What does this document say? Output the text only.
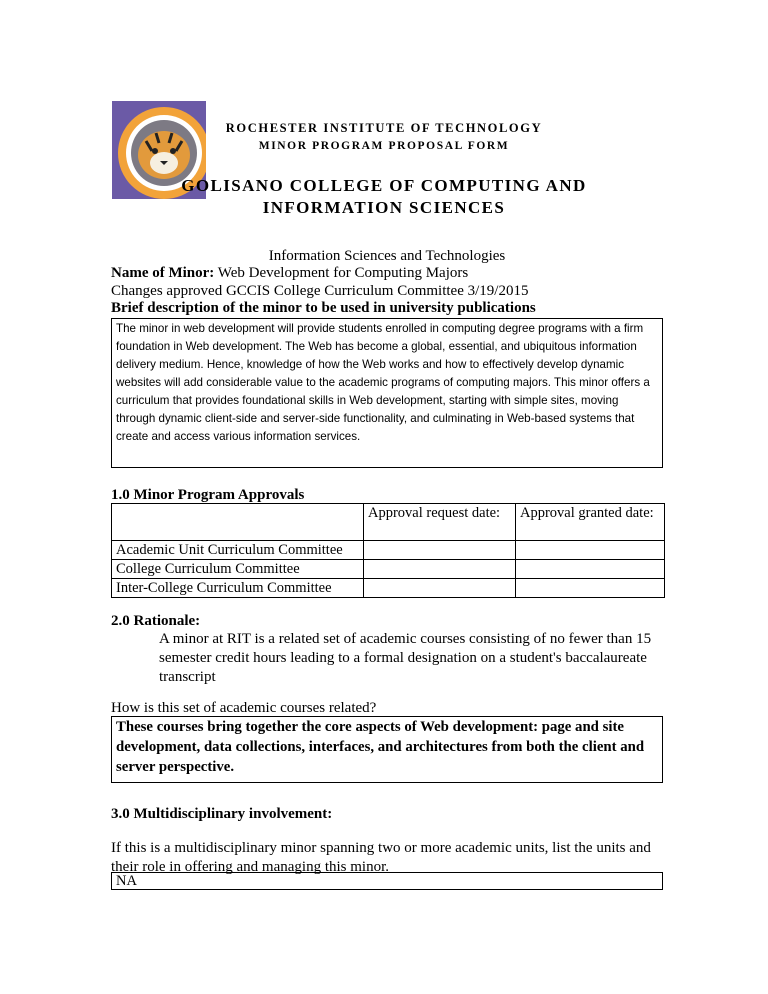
ROCHESTER INSTITUTE OF TECHNOLOGY
MINOR PROGRAM PROPOSAL FORM
GOLISANO COLLEGE OF COMPUTING AND
INFORMATION SCIENCES
Information Sciences and Technologies
Name of Minor: Web Development for Computing Majors
Changes approved GCCIS College Curriculum Committee 3/19/2015
Brief description of the minor to be used in university publications
The minor in web development will provide students enrolled in computing degree programs with a firm foundation in Web development. The Web has become a global, essential, and ubiquitous information delivery medium. Hence, knowledge of how the Web works and how to effectively develop dynamic websites will add considerable value to the academic programs of computing majors. This minor offers a curriculum that provides foundational skills in Web development, starting with simple sites, moving through dynamic client-side and server-side functionality, and culminating in Web-based systems that create and access various information services.
1.0 Minor Program Approvals
	Approval request date:	Approval granted date:
Academic Unit Curriculum Committee		
College Curriculum Committee		
Inter-College Curriculum Committee		
2.0 Rationale:
A minor at RIT is a related set of academic courses consisting of no fewer than 15 semester credit hours leading to a formal designation on a student's baccalaureate transcript
How is this set of academic courses related?
These courses bring together the core aspects of Web development: page and site development, data collections, interfaces, and architectures from both the client and server perspective.
3.0 Multidisciplinary involvement:
If this is a multidisciplinary minor spanning two or more academic units, list the units and their role in offering and managing this minor.
NA
